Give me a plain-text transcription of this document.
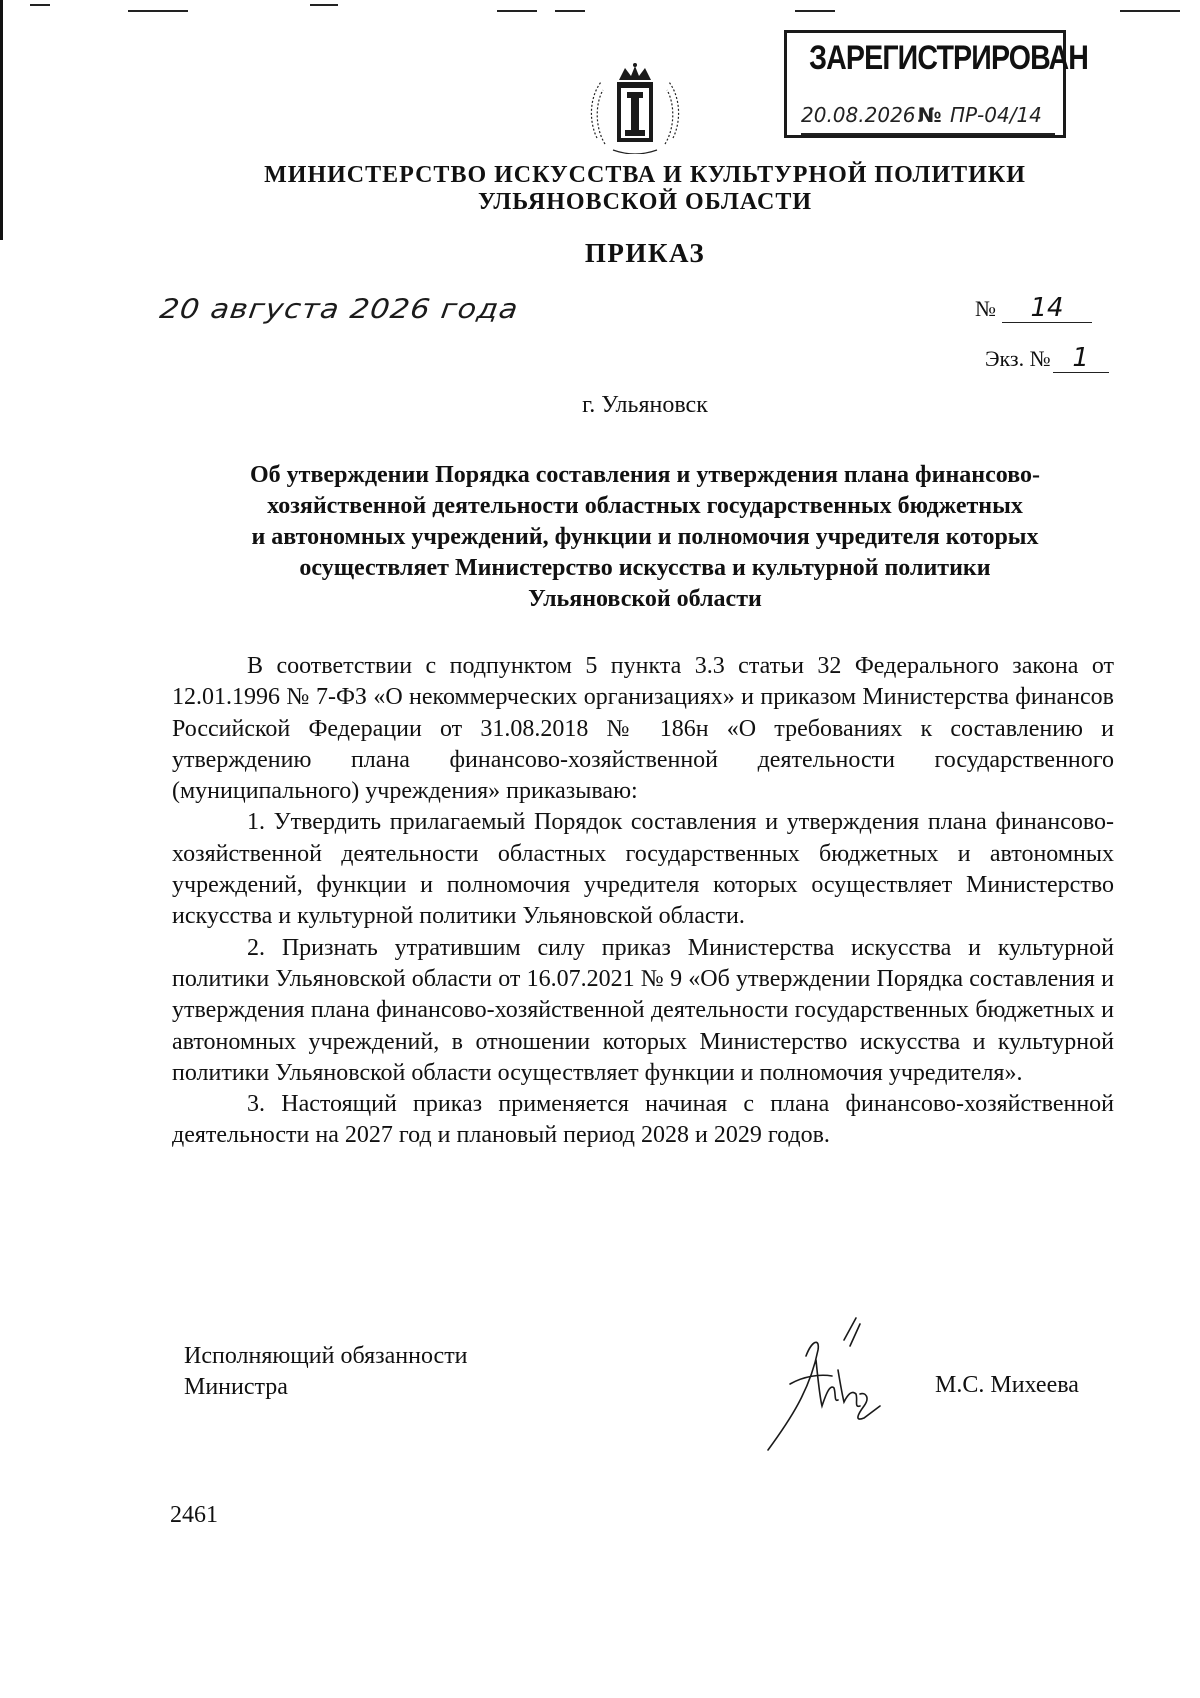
ЗАРЕГИСТРИРОВАН
20.08.2026 № ПР-04/14
МИНИСТЕРСТВО ИСКУССТВА И КУЛЬТУРНОЙ ПОЛИТИКИ
УЛЬЯНОВСКОЙ ОБЛАСТИ
ПРИКАЗ
20 августа 2026 года	№ 14
Экз. № 1
г. Ульяновск
Об утверждении Порядка составления и утверждения плана финансово-
хозяйственной деятельности областных государственных бюджетных
и автономных учреждений, функции и полномочия учредителя которых
осуществляет Министерство искусства и культурной политики
Ульяновской области

В соответствии с подпунктом 5 пункта 3.3 статьи 32 Федерального закона от 12.01.1996 № 7-ФЗ «О некоммерческих организациях» и приказом Министерства финансов Российской Федерации от 31.08.2018 № 186н «О требованиях к составлению и утверждению плана финансово-хозяйственной деятельности государственного (муниципального) учреждения» приказываю:

1. Утвердить прилагаемый Порядок составления и утверждения плана финансово-хозяйственной деятельности областных государственных бюджетных и автономных учреждений, функции и полномочия учредителя которых осуществляет Министерство искусства и культурной политики Ульяновской области.

2. Признать утратившим силу приказ Министерства искусства и культурной политики Ульяновской области от 16.07.2021 № 9 «Об утверждении Порядка составления и утверждения плана финансово-хозяйственной деятельности государственных бюджетных и автономных учреждений, в отношении которых Министерство искусства и культурной политики Ульяновской области осуществляет функции и полномочия учредителя».

3. Настоящий приказ применяется начиная с плана финансово-хозяйственной деятельности на 2027 год и плановый период 2028 и 2029 годов.

Исполняющий обязанности
Министра	М.С. Михеева
2461
